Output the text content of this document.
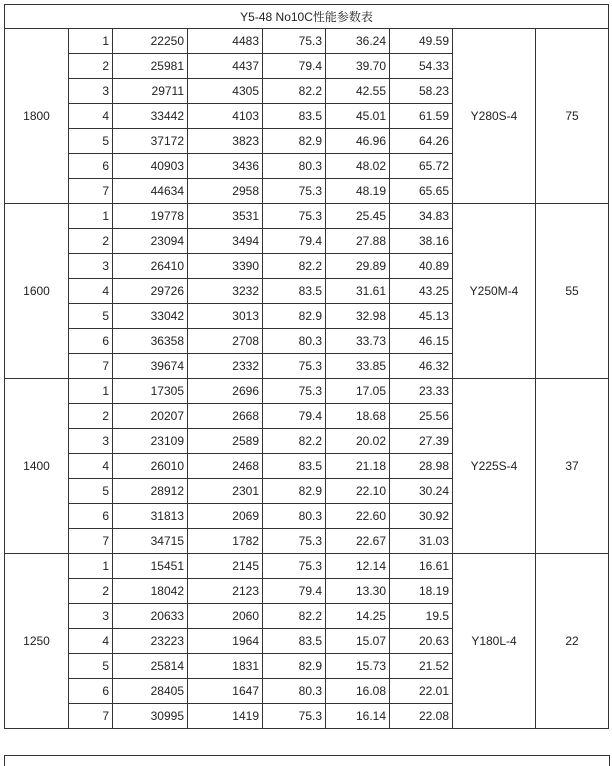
Y5-48 No10C性能参数表								
1800	1	22250	4483	75.3	36.24	49.59	Y280S-4	75
	2	25981	4437	79.4	39.70	54.33		
	3	29711	4305	82.2	42.55	58.23		
	4	33442	4103	83.5	45.01	61.59		
	5	37172	3823	82.9	46.96	64.26		
	6	40903	3436	80.3	48.02	65.72		
	7	44634	2958	75.3	48.19	65.65		
1600	1	19778	3531	75.3	25.45	34.83	Y250M-4	55
	2	23094	3494	79.4	27.88	38.16		
	3	26410	3390	82.2	29.89	40.89		
	4	29726	3232	83.5	31.61	43.25		
	5	33042	3013	82.9	32.98	45.13		
	6	36358	2708	80.3	33.73	46.15		
	7	39674	2332	75.3	33.85	46.32		
1400	1	17305	2696	75.3	17.05	23.33	Y225S-4	37
	2	20207	2668	79.4	18.68	25.56		
	3	23109	2589	82.2	20.02	27.39		
	4	26010	2468	83.5	21.18	28.98		
	5	28912	2301	82.9	22.10	30.24		
	6	31813	2069	80.3	22.60	30.92		
	7	34715	1782	75.3	22.67	31.03		
1250	1	15451	2145	75.3	12.14	16.61	Y180L-4	22
	2	18042	2123	79.4	13.30	18.19		
	3	20633	2060	82.2	14.25	19.5		
	4	23223	1964	83.5	15.07	20.63		
	5	25814	1831	82.9	15.73	21.52		
	6	28405	1647	80.3	16.08	22.01		
	7	30995	1419	75.3	16.14	22.08		
